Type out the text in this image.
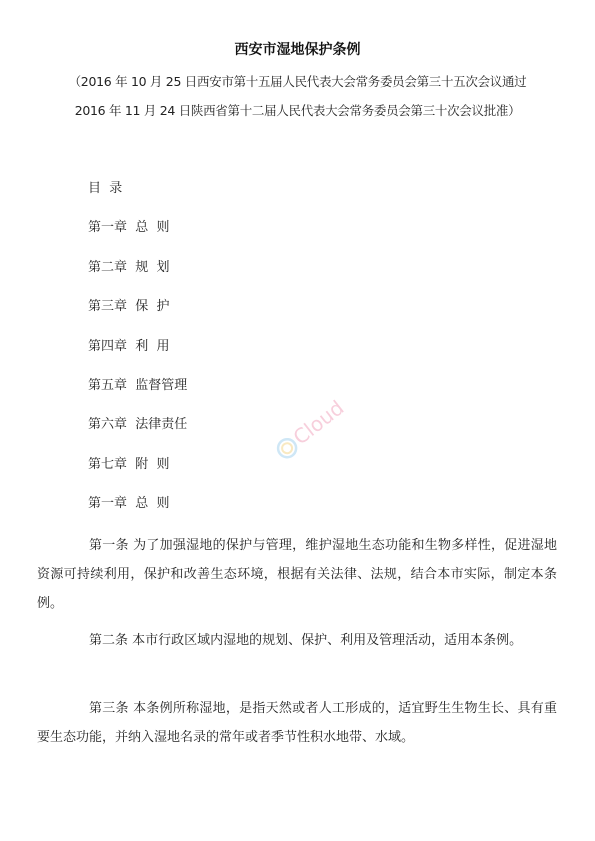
西安市湿地保护条例
（2016 年 10 月 25 日西安市第十五届人民代表大会常务委员会第三十五次会议通过
2016 年 11 月 24 日陕西省第十二届人民代表大会常务委员会第三十次会议批准）
目  录
第一章  总  则
第二章  规  划
第三章  保  护
第四章  利  用
第五章  监督管理
第六章  法律责任
第七章  附  则
第一章  总  则

第一条 为了加强湿地的保护与管理，维护湿地生态功能和生物多样性，促进湿地资源可持续利用，保护和改善生态环境，根据有关法律、法规，结合本市实际，制定本条例。

第二条 本市行政区域内湿地的规划、保护、利用及管理活动，适用本条例。

第三条 本条例所称湿地，是指天然或者人工形成的，适宜野生生物生长、具有重要生态功能，并纳入湿地名录的常年或者季节性积水地带、水域。

Cloud
